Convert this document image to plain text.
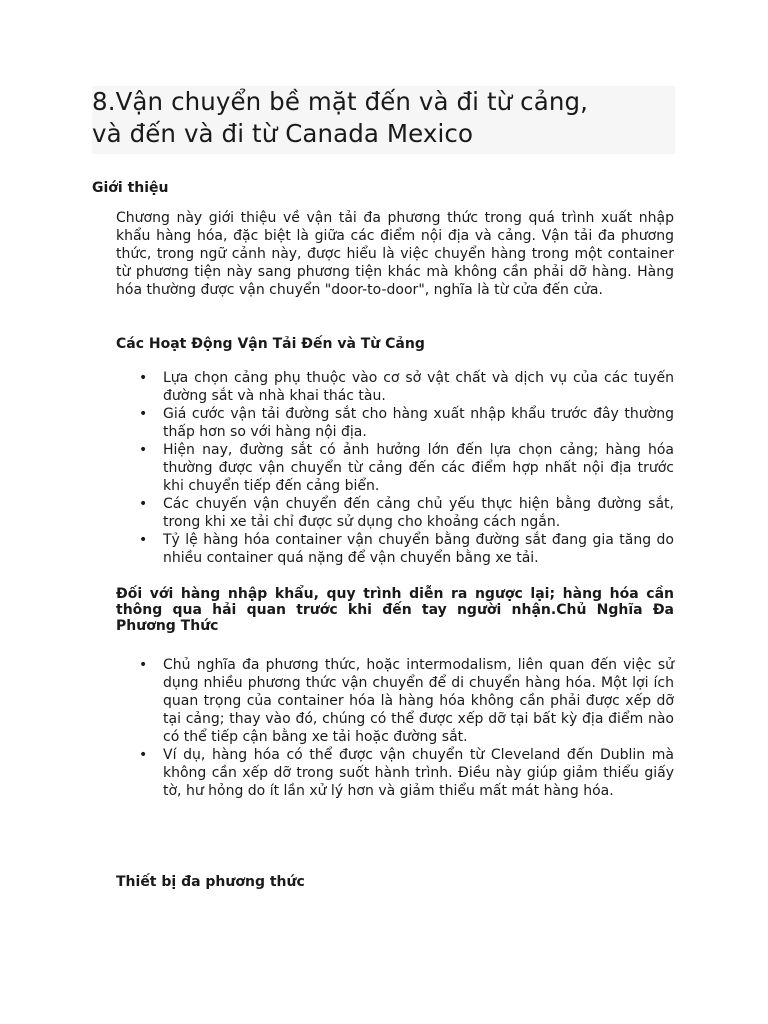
8.Vận chuyển bề mặt đến và đi từ cảng,
và đến và đi từ Canada Mexico
Giới thiệu

Chương này giới thiệu về vận tải đa phương thức trong quá trình xuất nhập khẩu hàng hóa, đặc biệt là giữa các điểm nội địa và cảng. Vận tải đa phương thức, trong ngữ cảnh này, được hiểu là việc chuyển hàng trong một container từ phương tiện này sang phương tiện khác mà không cần phải dỡ hàng. Hàng hóa thường được vận chuyển "door-to-door", nghĩa là từ cửa đến cửa.

Các Hoạt Động Vận Tải Đến và Từ Cảng
• Lựa chọn cảng phụ thuộc vào cơ sở vật chất và dịch vụ của các tuyến đường sắt và nhà khai thác tàu.
• Giá cước vận tải đường sắt cho hàng xuất nhập khẩu trước đây thường thấp hơn so với hàng nội địa.
• Hiện nay, đường sắt có ảnh hưởng lớn đến lựa chọn cảng; hàng hóa thường được vận chuyển từ cảng đến các điểm hợp nhất nội địa trước khi chuyển tiếp đến cảng biển.
• Các chuyến vận chuyển đến cảng chủ yếu thực hiện bằng đường sắt, trong khi xe tải chỉ được sử dụng cho khoảng cách ngắn.
• Tỷ lệ hàng hóa container vận chuyển bằng đường sắt đang gia tăng do nhiều container quá nặng để vận chuyển bằng xe tải.

Đối với hàng nhập khẩu, quy trình diễn ra ngược lại; hàng hóa cần thông qua hải quan trước khi đến tay người nhận.Chủ Nghĩa Đa Phương Thức

• Chủ nghĩa đa phương thức, hoặc intermodalism, liên quan đến việc sử dụng nhiều phương thức vận chuyển để di chuyển hàng hóa. Một lợi ích quan trọng của container hóa là hàng hóa không cần phải được xếp dỡ tại cảng; thay vào đó, chúng có thể được xếp dỡ tại bất kỳ địa điểm nào có thể tiếp cận bằng xe tải hoặc đường sắt.
• Ví dụ, hàng hóa có thể được vận chuyển từ Cleveland đến Dublin mà không cần xếp dỡ trong suốt hành trình. Điều này giúp giảm thiểu giấy tờ, hư hỏng do ít lần xử lý hơn và giảm thiểu mất mát hàng hóa.
Thiết bị đa phương thức
